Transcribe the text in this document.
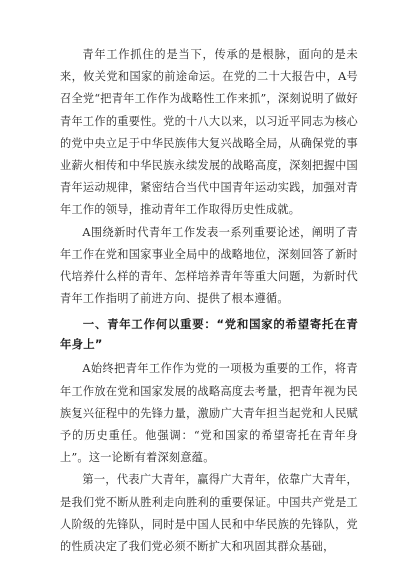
青年工作抓住的是当下，传承的是根脉，面向的是未来，攸关党和国家的前途命运。在党的二十大报告中，A号召全党“把青年工作作为战略性工作来抓”，深刻说明了做好青年工作的重要性。党的十八大以来，以习近平同志为核心的党中央立足于中华民族伟大复兴战略全局，从确保党的事业薪火相传和中华民族永续发展的战略高度，深刻把握中国青年运动规律，紧密结合当代中国青年运动实践，加强对青年工作的领导，推动青年工作取得历史性成就。

A围绕新时代青年工作发表一系列重要论述，阐明了青年工作在党和国家事业全局中的战略地位，深刻回答了新时代培养什么样的青年、怎样培养青年等重大问题，为新时代青年工作指明了前进方向、提供了根本遵循。

一、青年工作何以重要：“党和国家的希望寄托在青年身上”

A始终把青年工作作为党的一项极为重要的工作，将青年工作放在党和国家发展的战略高度去考量，把青年视为民族复兴征程中的先锋力量，激励广大青年担当起党和人民赋予的历史重任。他强调：“党和国家的希望寄托在青年身上”。这一论断有着深刻意蕴。

第一，代表广大青年，赢得广大青年，依靠广大青年，是我们党不断从胜利走向胜利的重要保证。中国共产党是工人阶级的先锋队，同时是中国人民和中华民族的先锋队，党的性质决定了我们党必须不断扩大和巩固其群众基础，
